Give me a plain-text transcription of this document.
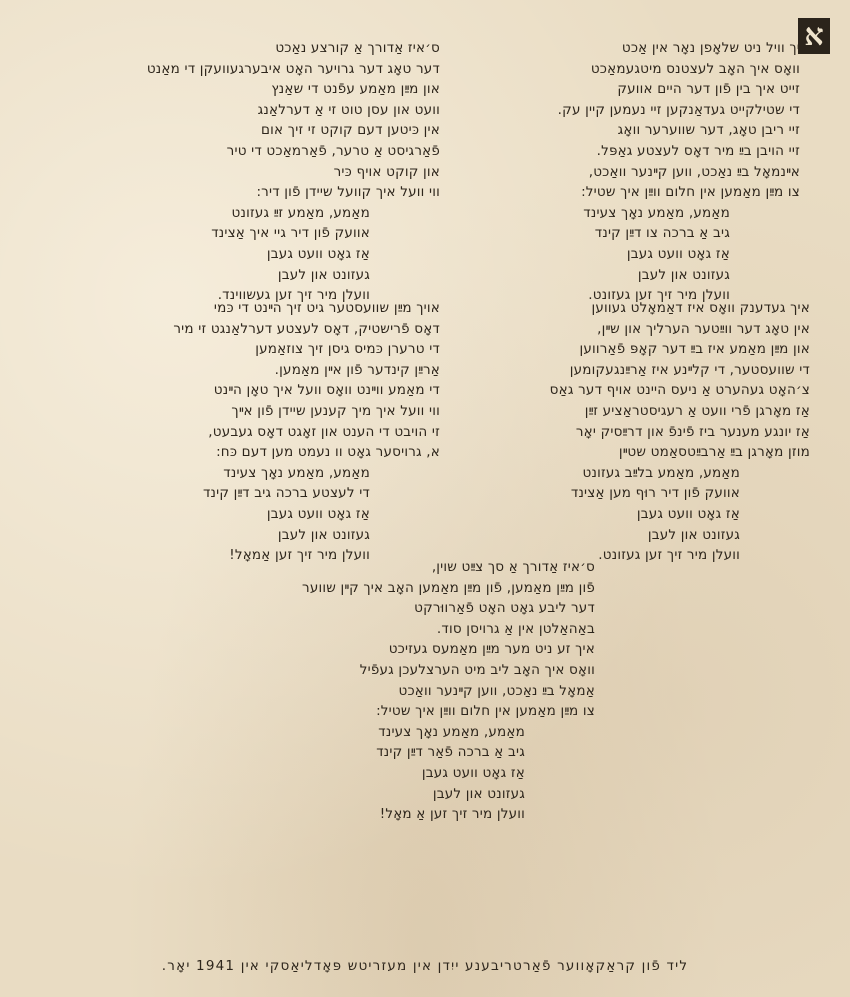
א
יך וויל ניט שלאָפן נאָר אין אַכט
וואָס איך האָב לעצטנס מיטגעמאַכט
זייט איך בין פֿון דער היים אוועק
די שטילקייט געדאַנקען זיי נעמען קיין עק.
זיי ריבן טאָג, דער שווערער וואָג
זיי הויבן בײַ מיר דאָס לעצטע גאַפּל.
אײנמאָל בײַ נאַכט, ווען קײנער וואַכט,
צו מײַן מאַמען אין חלום ווײַן איך שטיל:
מאַמע, מאַמע נאָך צעינד
גיב אַ ברכה צו דײַן קינד
אַז גאָט וועט געבן
געזונט און לעבן
וועלן מיר זיך זען געזונט.
ס׳איז אַדורך אַ קורצע נאַכט
דער טאָג דער גרויער האָט איבערגעוועקן די מאַנט
און מײַן מאַמע עפֿנט די שאַנץ
וועט און עסן טוט זי אַ דערלאַנג
אין כּיטען דעם קוקט זי זיך אום
פֿאַרגיסט אַ טרער, פֿאַרמאַכט די טיר
און קוקט אויף כּיר
ווי וועל איך קוועל שיידן פֿון דיר:
מאַמע, מאַמע זײַ געזונט
אוועק פֿון דיר גיי איך אַצינד
אַז גאָט וועט געבן
געזונט און לעבן
וועלן מיר זיך זען געשווינד.
איך געדענק וואָס איז דאַמאָלט געווען
אין טאָג דער ווײַטער הערליך און שײן,
און מײַן מאַמע איז בײַ דער קאָפּ פֿאַרווען
די שוועסטער, די קלײנע איז אַרײַנגעקומען
צ׳האָט געהערט אַ ניעס היינט אויף דער גאַס
אַז מאָרגן פֿרי וועט אַ רעגיסטראַציע זײַן
אַז יונגע מענער ביז פֿינפֿ און דרײַסיק יאָר
מוזן מאָרגן בײַ אַרבײַטסאַמט שטײן
מאַמע, מאַמע בלײַב געזונט
אוועק פֿון דיר רוּף מען אַצינד
אַז גאָט וועט געבן
געזונט און לעבן
וועלן מיר זיך זען געזונט.
אויך מײַן שוועסטער גיט זיך הײנט די כּמי
דאָס פֿרישטיק, דאָס לעצטע דערלאַנגט זי מיר
די טרערן כּמיס גיסן זיך צוזאַמען
אַרײַן קינדער פֿון אײן מאַמען.
די מאַמע ווײנט וואָס וועל איך טאָן הײנט
ווי וועל איך מיך קענען שיידן פֿון אײך
זי הויבט די הענט און זאָגט דאָס געבעט,
א, גרויסער גאָט וו נעמט מען דעם כּח:
מאַמע, מאַמע נאָך צעינד
די לעצטע ברכה גיב דײַן קינד
אַז גאָט וועט געבן
געזונט און לעבן
וועלן מיר זיך זען אַמאָל!
ס׳איז אַדורך אַ סך צײַט שוין,
פֿון מײַן מאַמען, פֿון מײַן מאַמען האָב איך קײן שווער
דער ליבע גאָט האָט פֿאַרווּרקט
באַהאַלטן אין אַ גרויסן סוד.
איך זע ניט מער מײַן מאַמעס געזיכט
וואָס איך האָב ליב מיט הערצלעכן געפֿיל
אַמאָל בײַ נאַכט, ווען קײנער וואַכט
צו מײַן מאַמען אין חלום ווײַן איך שטיל:
מאַמע, מאַמע נאָך צעינד
גיב אַ ברכה פֿאַר דײַן קינד
אַז גאָט וועט געבן
געזונט און לעבן
וועלן מיר זיך זען אַ מאָל!
ליד פֿון קראַקאָווער פֿאַרטריבענע ייִדן אין מעזריטש פּאָדליאַסקי אין 1941 יאָר.
